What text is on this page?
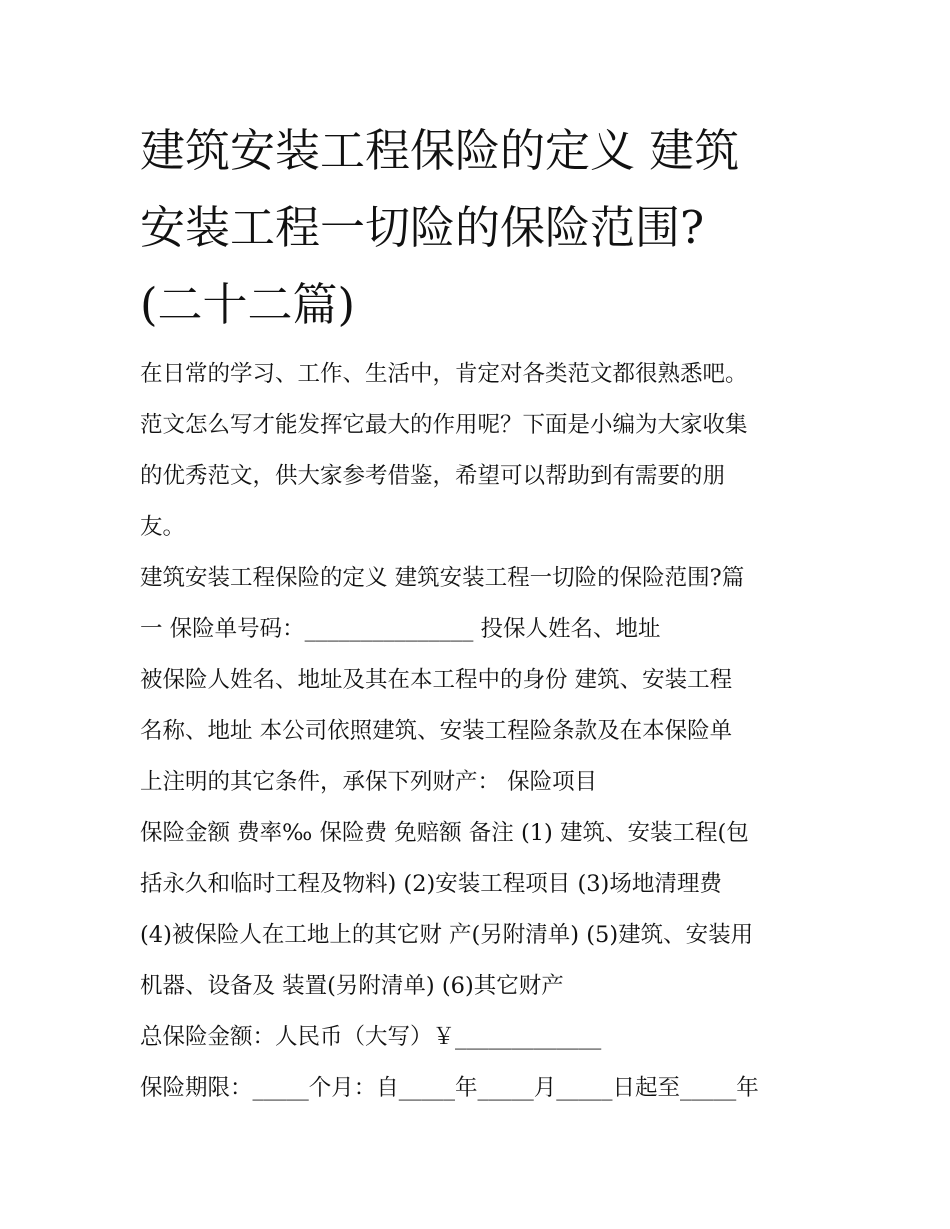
建筑安装工程保险的定义 建筑
安装工程一切险的保险范围?
(二十二篇)

在日常的学习、工作、生活中，肯定对各类范文都很熟悉吧。
范文怎么写才能发挥它最大的作用呢？下面是小编为大家收集
的优秀范文，供大家参考借鉴，希望可以帮助到有需要的朋
友。

建筑安装工程保险的定义 建筑安装工程一切险的保险范围?篇
一 保险单号码：_______________ 投保人姓名、地址
被保险人姓名、地址及其在本工程中的身份 建筑、安装工程
名称、地址 本公司依照建筑、安装工程险条款及在本保险单
上注明的其它条件，承保下列财产： 保险项目
保险金额 费率‰ 保险费 免赔额 备注 (1) 建筑、安装工程(包
括永久和临时工程及物料) (2)安装工程项目 (3)场地清理费
(4)被保险人在工地上的其它财 产(另附清单) (5)建筑、安装用
机器、设备及 装置(另附清单) (6)其它财产
总保险金额：人民币（大写）￥_____________
保险期限：_____个月：自_____年_____月_____日起至_____年
